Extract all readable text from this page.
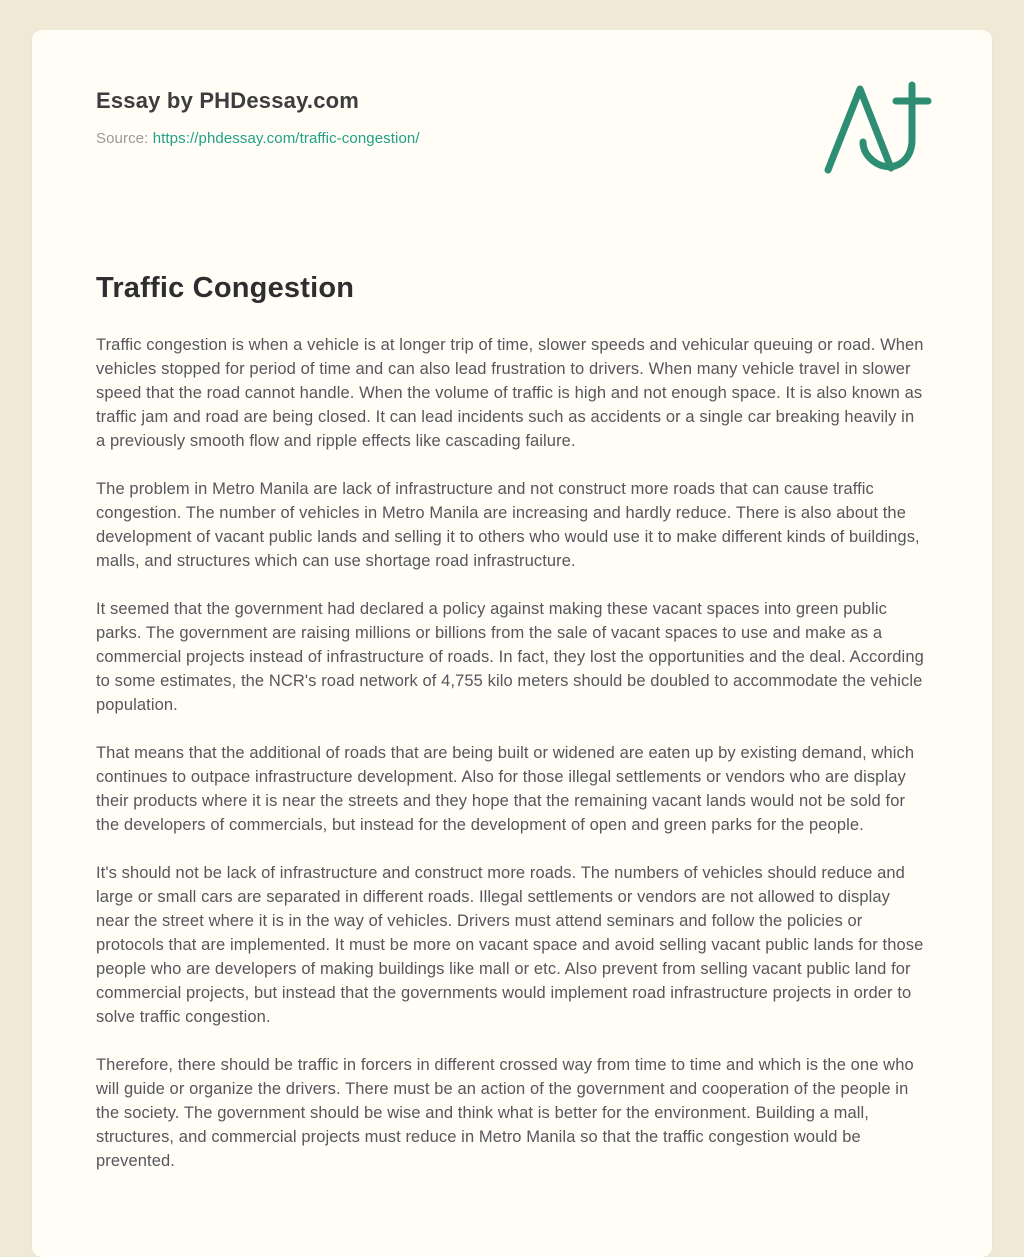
Essay by PHDessay.com
Source: https://phdessay.com/traffic-congestion/
Traffic Congestion

Traffic congestion is when a vehicle is at longer trip of time, slower speeds and vehicular queuing or road. When vehicles stopped for period of time and can also lead frustration to drivers. When many vehicle travel in slower speed that the road cannot handle. When the volume of traffic is high and not enough space. It is also known as traffic jam and road are being closed. It can lead incidents such as accidents or a single car breaking heavily in a previously smooth flow and ripple effects like cascading failure.

The problem in Metro Manila are lack of infrastructure and not construct more roads that can cause traffic congestion. The number of vehicles in Metro Manila are increasing and hardly reduce. There is also about the development of vacant public lands and selling it to others who would use it to make different kinds of buildings, malls, and structures which can use shortage road infrastructure.

It seemed that the government had declared a policy against making these vacant spaces into green public parks. The government are raising millions or billions from the sale of vacant spaces to use and make as a commercial projects instead of infrastructure of roads. In fact, they lost the opportunities and the deal. According to some estimates, the NCR's road network of 4,755 kilo meters should be doubled to accommodate the vehicle population.

That means that the additional of roads that are being built or widened are eaten up by existing demand, which continues to outpace infrastructure development. Also for those illegal settlements or vendors who are display their products where it is near the streets and they hope that the remaining vacant lands would not be sold for the developers of commercials, but instead for the development of open and green parks for the people.

It's should not be lack of infrastructure and construct more roads. The numbers of vehicles should reduce and large or small cars are separated in different roads. Illegal settlements or vendors are not allowed to display near the street where it is in the way of vehicles. Drivers must attend seminars and follow the policies or protocols that are implemented. It must be more on vacant space and avoid selling vacant public lands for those people who are developers of making buildings like mall or etc. Also prevent from selling vacant public land for commercial projects, but instead that the governments would implement road infrastructure projects in order to solve traffic congestion.

Therefore, there should be traffic in forcers in different crossed way from time to time and which is the one who will guide or organize the drivers. There must be an action of the government and cooperation of the people in the society. The government should be wise and think what is better for the environment. Building a mall, structures, and commercial projects must reduce in Metro Manila so that the traffic congestion would be prevented.
